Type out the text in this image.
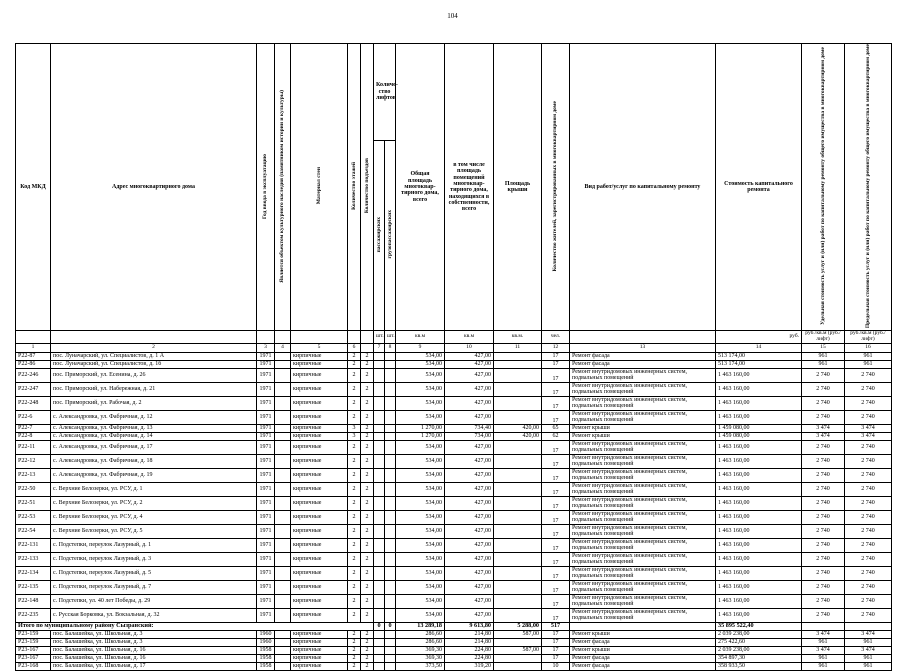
104
Код МКД	Адрес многоквартирного дома	Год ввода в эксплуатацию	Является объектом культурного наследия (памятником истории и культуры)	Материал стен	Количество этажей	Количество подъездов	Количе-ство лифтов		Общая площадь многоквар-тирного дома, всего	в том числе площадь помещений многоквар-тирного дома, находящихся в собственности, всего	Площадь крыши	Количество жителей, зарегистрированных в многоквартирном доме	Вид работ/услуг по капитальному ремонту	Стоимость капитального ремонта	Удельная стоимость услуг и (или) работ по капитальному ремонту общего имущества в многоквартирном доме	Предельная стоимость услуг и (или) работ по капитальному ремонту общего имущества в многоквартирном доме
							пассажирских	грузопассажирских								
							шт.	шт.	кв.м	кв.м	кв.м.	чел.		руб.	руб./кв.м (руб./лифт)	руб./кв.м (руб./лифт)
1	2	3	4	5	6		7	8	9	10	11	12	13	14	15	16
Р22-87	пос. Луначарский, ул. Специалистов, д. 1 А	1971		кирпичные	2	2			534,00	427,00		17	Ремонт фасада	513 174,00	961	961
Р22-86	пос. Луначарский, ул. Специалистов, д. 1б	1971		кирпичные	2	2			534,00	427,00		17	Ремонт фасада	513 174,00	961	961
Р22-246	пос. Приморский, ул. Есенина, д. 26	1971		кирпичные	2	2			534,00	427,00		17	Ремонт внутридомовых инженерных систем, подвальных помещений	1 463 160,00	2 740	2 740
Р22-247	пос. Приморский, ул. Набережная, д. 21	1971		кирпичные	2	2			534,00	427,00		17	Ремонт внутридомовых инженерных систем, подвальных помещений	1 463 160,00	2 740	2 740
Р22-248	пос. Приморский, ул. Рабочая, д. 2	1971		кирпичные	2	2			534,00	427,00		17	Ремонт внутридомовых инженерных систем, подвальных помещений	1 463 160,00	2 740	2 740
Р22-6	с. Александровка, ул. Фабричная, д. 12	1971		кирпичные	2	2			534,00	427,00		17	Ремонт внутридомовых инженерных систем, подвальных помещений	1 463 160,00	2 740	2 740
Р22-7	с. Александровка, ул. Фабричная, д. 13	1971		кирпичные	3	2			1 270,00	734,40	420,00	65	Ремонт крыши	1 459 080,00	3 474	3 474
Р22-8	с. Александровка, ул. Фабричная, д. 14	1971		кирпичные	3	2			1 270,00	734,00	420,00	62	Ремонт крыши	1 459 080,00	3 474	3 474
Р22-11	с. Александровка, ул. Фабричная, д. 17	1971		кирпичные	2	2			534,00	427,00		17	Ремонт внутридомовых инженерных систем, подвальных помещений	1 463 160,00	2 740	2 740
Р22-12	с. Александровка, ул. Фабричная, д. 18	1971		кирпичные	2	2			534,00	427,00		17	Ремонт внутридомовых инженерных систем, подвальных помещений	1 463 160,00	2 740	2 740
Р22-13	с. Александровка, ул. Фабричная, д. 19	1971		кирпичные	2	2			534,00	427,00		17	Ремонт внутридомовых инженерных систем, подвальных помещений	1 463 160,00	2 740	2 740
Р22-50	с. Верхние Белозерки, ул. РСУ, д. 1	1971		кирпичные	2	2			534,00	427,00		17	Ремонт внутридомовых инженерных систем, подвальных помещений	1 463 160,00	2 740	2 740
Р22-51	с. Верхние Белозерки, ул. РСУ, д. 2	1971		кирпичные	2	2			534,00	427,00		17	Ремонт внутридомовых инженерных систем, подвальных помещений	1 463 160,00	2 740	2 740
Р22-53	с. Верхние Белозерки, ул. РСУ, д. 4	1971		кирпичные	2	2			534,00	427,00		17	Ремонт внутридомовых инженерных систем, подвальных помещений	1 463 160,00	2 740	2 740
Р22-54	с. Верхние Белозерки, ул. РСУ, д. 5	1971		кирпичные	2	2			534,00	427,00		17	Ремонт внутридомовых инженерных систем, подвальных помещений	1 463 160,00	2 740	2 740
Р22-131	с. Подстепки, переулок Лазурный, д. 1	1971		кирпичные	2	2			534,00	427,00		17	Ремонт внутридомовых инженерных систем, подвальных помещений	1 463 160,00	2 740	2 740
Р22-133	с. Подстепки, переулок Лазурный, д. 3	1971		кирпичные	2	2			534,00	427,00		17	Ремонт внутридомовых инженерных систем, подвальных помещений	1 463 160,00	2 740	2 740
Р22-134	с. Подстепки, переулок Лазурный, д. 5	1971		кирпичные	2	2			534,00	427,00		17	Ремонт внутридомовых инженерных систем, подвальных помещений	1 463 160,00	2 740	2 740
Р22-135	с. Подстепки, переулок Лазурный, д. 7	1971		кирпичные	2	2			534,00	427,00		17	Ремонт внутридомовых инженерных систем, подвальных помещений	1 463 160,00	2 740	2 740
Р22-148	с. Подстепки, ул. 40 лет Победы, д. 29	1971		кирпичные	2	2			534,00	427,00		17	Ремонт внутридомовых инженерных систем, подвальных помещений	1 463 160,00	2 740	2 740
Р22-235	с. Русская Борковка, ул. Вокзальная, д. 32	1971		кирпичные	2	2			534,00	427,00		17	Ремонт внутридомовых инженерных систем, подвальных помещений	1 463 160,00	2 740	2 740
Итого по муниципальному району Сызранский:							0	0	13 289,18	9 613,80	5 288,00	517		35 895 522,40		
Р23-159	пос. Балашейка, ул. Школьная, д. 3	1960		кирпичные	2	2			286,60	214,80	587,00	17	Ремонт крыши	2 039 238,00	3 474	3 474
Р23-159	пос. Балашейка, ул. Школьная, д. 3	1960		кирпичные	2	2			286,60	214,80		17	Ремонт фасада	275 422,60	961	961
Р23-167	пос. Балашейка, ул. Школьная, д. 16	1958		кирпичные	2	2			369,30	224,80	587,00	17	Ремонт крыши	2 039 238,00	3 474	3 474
Р23-167	пос. Балашейка, ул. Школьная, д. 16	1958		кирпичные	2	2			369,30	224,80		17	Ремонт фасада	354 897,30	961	961
Р23-168	пос. Балашейка, ул. Школьная, д. 17	1958		кирпичные	2	2			373,50	319,20		10	Ремонт фасада	358 933,50	961	961
